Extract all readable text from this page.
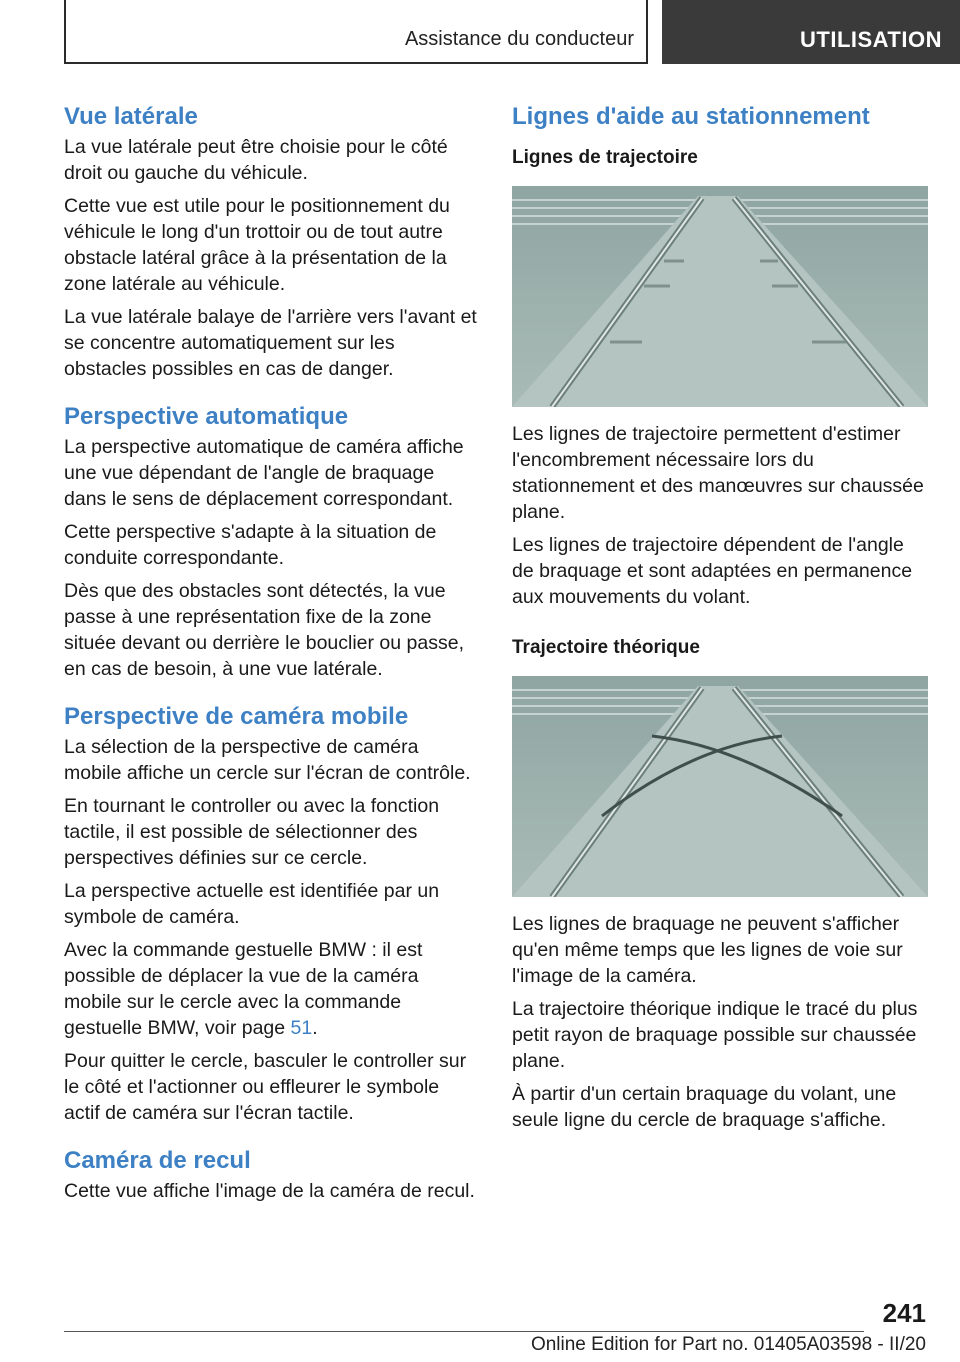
Assistance du conducteur	UTILISATION
Vue latérale

La vue latérale peut être choisie pour le côté droit ou gauche du véhicule.

Cette vue est utile pour le positionnement du véhicule le long d'un trottoir ou de tout autre obstacle latéral grâce à la présentation de la zone latérale au véhicule.

La vue latérale balaye de l'arrière vers l'avant et se concentre automatiquement sur les obstacles possibles en cas de danger.

Perspective automatique

La perspective automatique de caméra affiche une vue dépendant de l'angle de braquage dans le sens de déplacement correspondant.

Cette perspective s'adapte à la situation de conduite correspondante.

Dès que des obstacles sont détectés, la vue passe à une représentation fixe de la zone située devant ou derrière le bouclier ou passe, en cas de besoin, à une vue latérale.

Perspective de caméra mobile

La sélection de la perspective de caméra mobile affiche un cercle sur l'écran de contrôle.

En tournant le controller ou avec la fonction tactile, il est possible de sélectionner des perspectives définies sur ce cercle.

La perspective actuelle est identifiée par un symbole de caméra.

Avec la commande gestuelle BMW : il est possible de déplacer la vue de la caméra mobile sur le cercle avec la commande gestuelle BMW, voir page 51.

Pour quitter le cercle, basculer le controller sur le côté et l'actionner ou effleurer le symbole actif de caméra sur l'écran tactile.

Caméra de recul

Cette vue affiche l'image de la caméra de recul.

Lignes d'aide au stationnement
Lignes de trajectoire

Les lignes de trajectoire permettent d'estimer l'encombrement nécessaire lors du stationnement et des manœuvres sur chaussée plane.

Les lignes de trajectoire dépendent de l'angle de braquage et sont adaptées en permanence aux mouvements du volant.

Trajectoire théorique

Les lignes de braquage ne peuvent s'afficher qu'en même temps que les lignes de voie sur l'image de la caméra.

La trajectoire théorique indique le tracé du plus petit rayon de braquage possible sur chaussée plane.

À partir d'un certain braquage du volant, une seule ligne du cercle de braquage s'affiche.

241
Online Edition for Part no. 01405A03598 - II/20
